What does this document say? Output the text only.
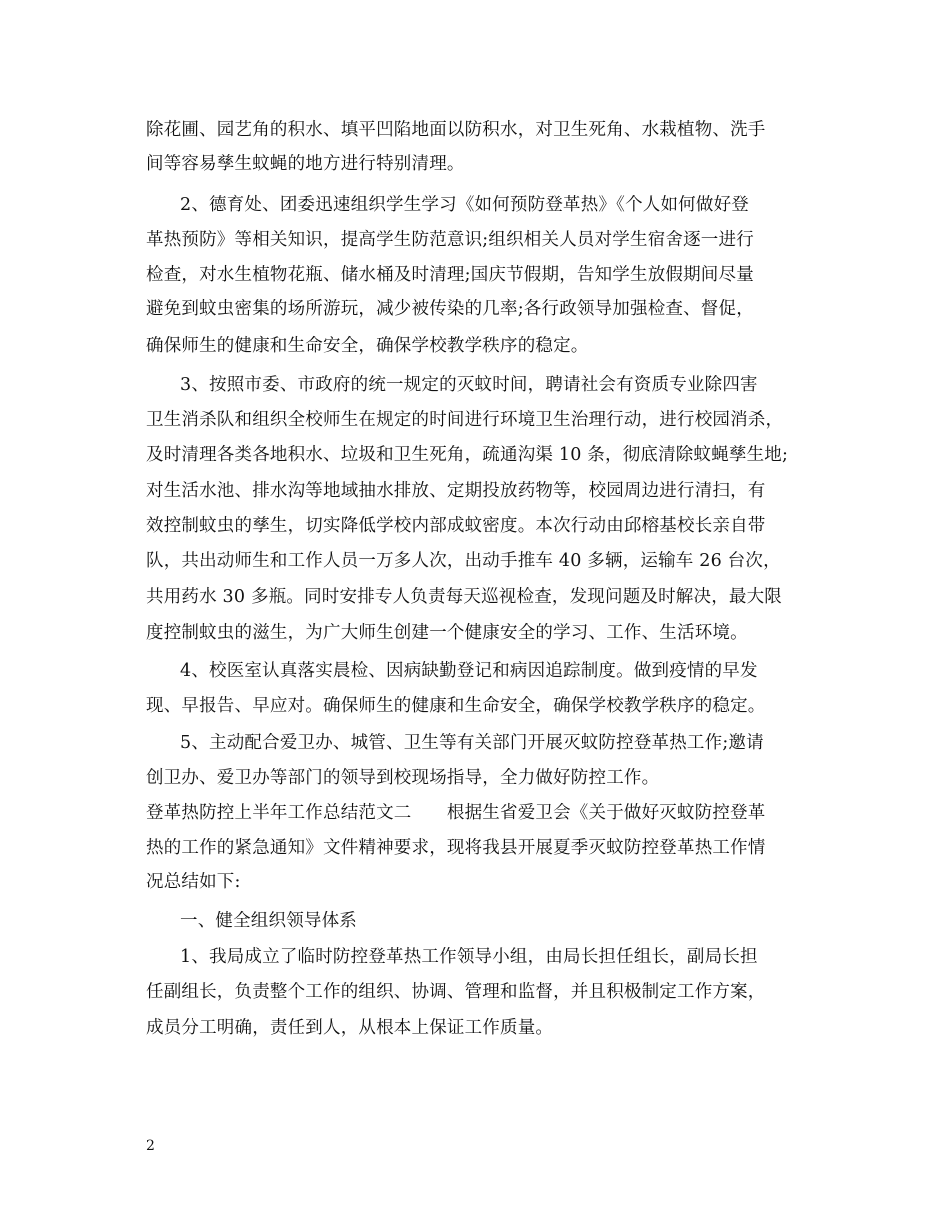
除花圃、园艺角的积水、填平凹陷地面以防积水，对卫生死角、水栽植物、洗手
间等容易孳生蚊蝇的地方进行特别清理。
2、德育处、团委迅速组织学生学习《如何预防登革热》《个人如何做好登
革热预防》等相关知识，提高学生防范意识;组织相关人员对学生宿舍逐一进行
检查，对水生植物花瓶、储水桶及时清理;国庆节假期，告知学生放假期间尽量
避免到蚊虫密集的场所游玩，减少被传染的几率;各行政领导加强检查、督促，
确保师生的健康和生命安全，确保学校教学秩序的稳定。
3、按照市委、市政府的统一规定的灭蚊时间，聘请社会有资质专业除四害
卫生消杀队和组织全校师生在规定的时间进行环境卫生治理行动，进行校园消杀，
及时清理各类各地积水、垃圾和卫生死角，疏通沟渠 10 条，彻底清除蚊蝇孳生地;
对生活水池、排水沟等地域抽水排放、定期投放药物等，校园周边进行清扫，有
效控制蚊虫的孳生，切实降低学校内部成蚊密度。本次行动由邱榕基校长亲自带
队，共出动师生和工作人员一万多人次，出动手推车 40 多辆，运输车 26 台次，
共用药水 30 多瓶。同时安排专人负责每天巡视检查，发现问题及时解决，最大限
度控制蚊虫的滋生，为广大师生创建一个健康安全的学习、工作、生活环境。
4、校医室认真落实晨检、因病缺勤登记和病因追踪制度。做到疫情的早发
现、早报告、早应对。确保师生的健康和生命安全，确保学校教学秩序的稳定。
5、主动配合爱卫办、城管、卫生等有关部门开展灭蚊防控登革热工作;邀请
创卫办、爱卫办等部门的领导到校现场指导，全力做好防控工作。
登革热防控上半年工作总结范文二　　根据生省爱卫会《关于做好灭蚊防控登革
热的工作的紧急通知》文件精神要求，现将我县开展夏季灭蚊防控登革热工作情
况总结如下:
一、健全组织领导体系
1、我局成立了临时防控登革热工作领导小组，由局长担任组长，副局长担
任副组长，负责整个工作的组织、协调、管理和监督，并且积极制定工作方案，
成员分工明确，责任到人，从根本上保证工作质量。
2
